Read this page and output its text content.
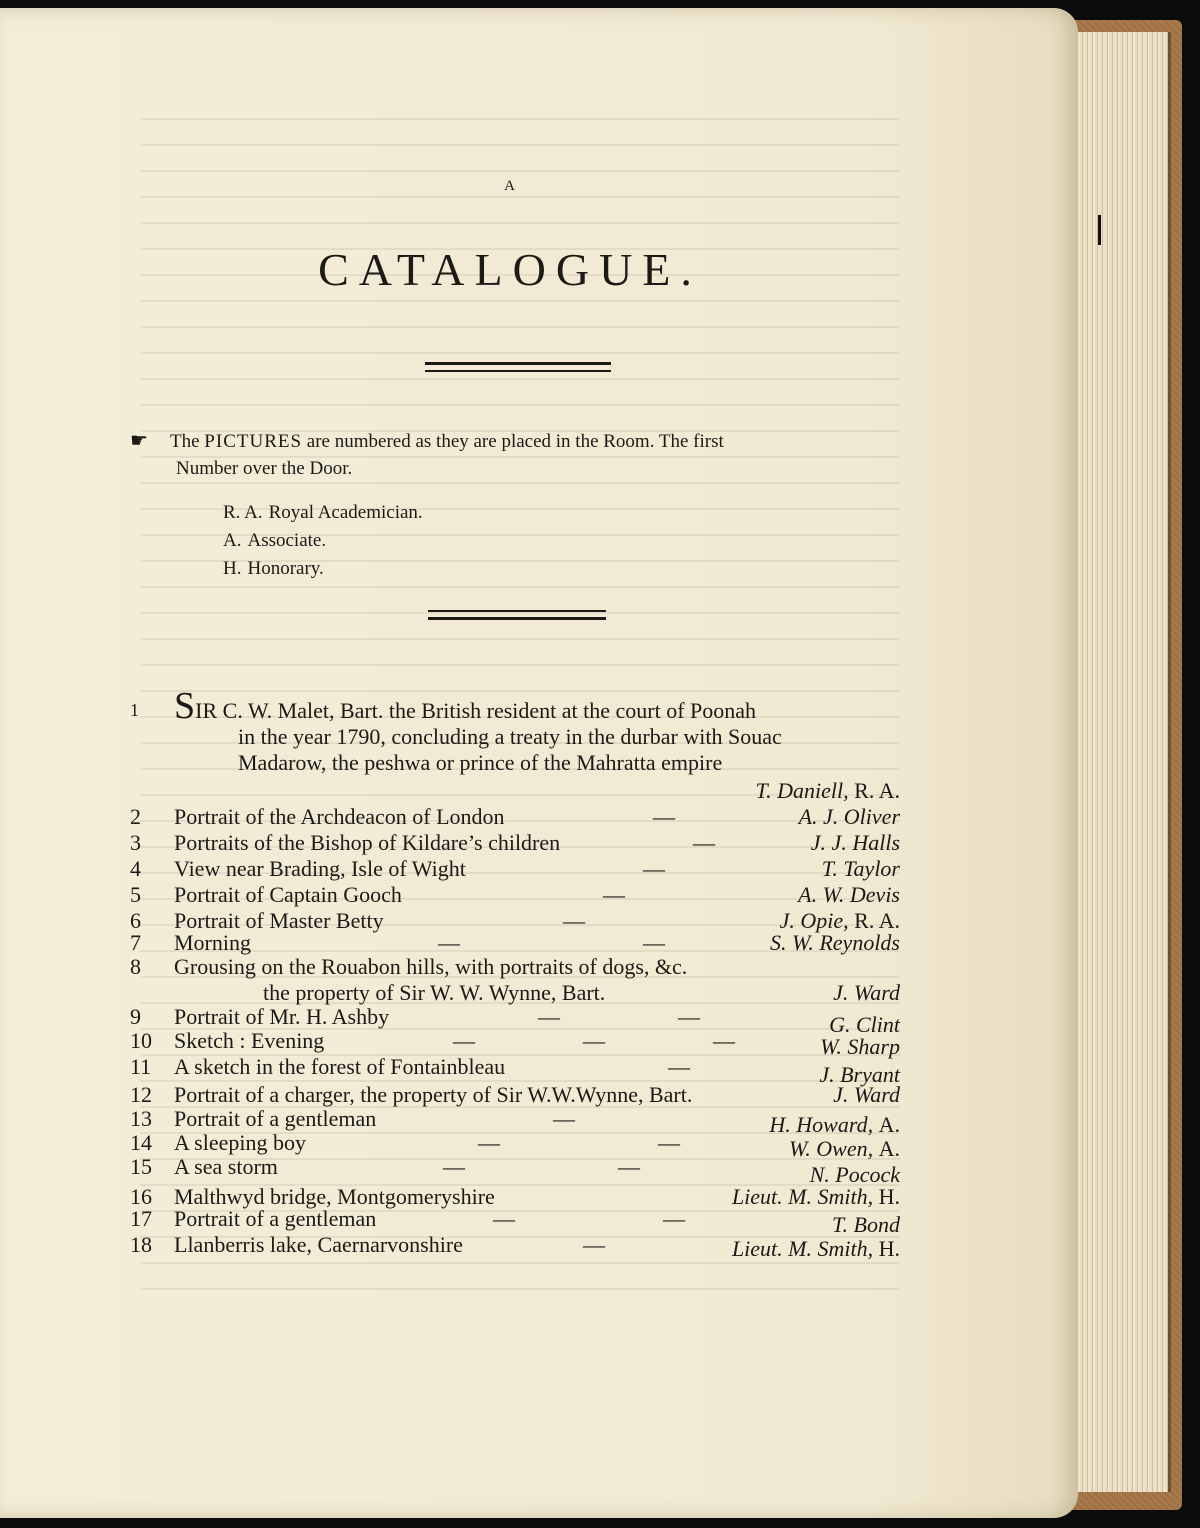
A
CATALOGUE.
☛ The PICTURES are numbered as they are placed in the Room. The first
Number over the Door.
R. A. Royal Academician.
A. Associate.
H. Honorary.
1 SIR C. W. Malet, Bart. the British resident at the court of Poonah
in the year 1790, concluding a treaty in the durbar with Souac
Madarow, the peshwa or prince of the Mahratta empire
T. Daniell, R. A.
2	Portrait of the Archdeacon of London	—	A. J. Oliver
3	Portraits of the Bishop of Kildare’s children	—	J. J. Halls
4	View near Brading, Isle of Wight	—	T. Taylor
5	Portrait of Captain Gooch	—	A. W. Devis
6	Portrait of Master Betty	—	J. Opie, R. A.
7	Morning	—	—	S. W. Reynolds
8	Grousing on the Rouabon hills, with portraits of dogs, &c.
the property of Sir W. W. Wynne, Bart.	J. Ward
9	Portrait of Mr. H. Ashby	—	—	G. Clint
10	Sketch : Evening	—	—	—	W. Sharp
11	A sketch in the forest of Fontainbleau	—	J. Bryant
12	Portrait of a charger, the property of Sir W.W.Wynne, Bart.	J. Ward
13	Portrait of a gentleman	—	H. Howard, A.
14	A sleeping boy	—	—	W. Owen, A.
15	A sea storm	—	—	N. Pocock
16	Malthwyd bridge, Montgomeryshire	Lieut. M. Smith, H.
17	Portrait of a gentleman	—	—	T. Bond
18	Llanberris lake, Caernarvonshire	—	Lieut. M. Smith, H.
